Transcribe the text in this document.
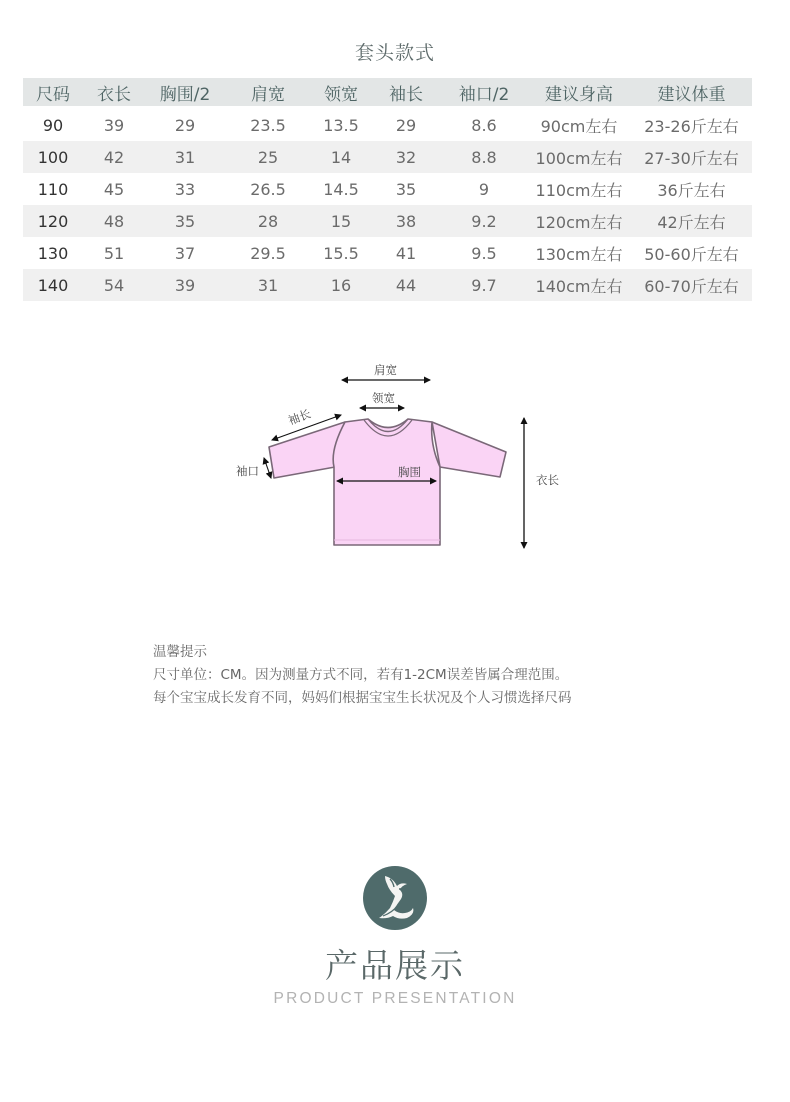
套头款式
尺码	衣长	胸围/2	肩宽	领宽	袖长	袖口/2	建议身高	建议体重
90	39	29	23.5	13.5	29	8.6	90cm左右	23-26斤左右
100	42	31	25	14	32	8.8	100cm左右	27-30斤左右
110	45	33	26.5	14.5	35	9	110cm左右	36斤左右
120	48	35	28	15	38	9.2	120cm左右	42斤左右
130	51	37	29.5	15.5	41	9.5	130cm左右	50-60斤左右
140	54	39	31	16	44	9.7	140cm左右	60-70斤左右
肩宽
领宽
袖长
袖口	胸围
衣长
温馨提示
尺寸单位：CM。因为测量方式不同，若有1-2CM误差皆属合理范围。
每个宝宝成长发育不同，妈妈们根据宝宝生长状况及个人习惯选择尺码
产品展示
PRODUCT PRESENTATION
